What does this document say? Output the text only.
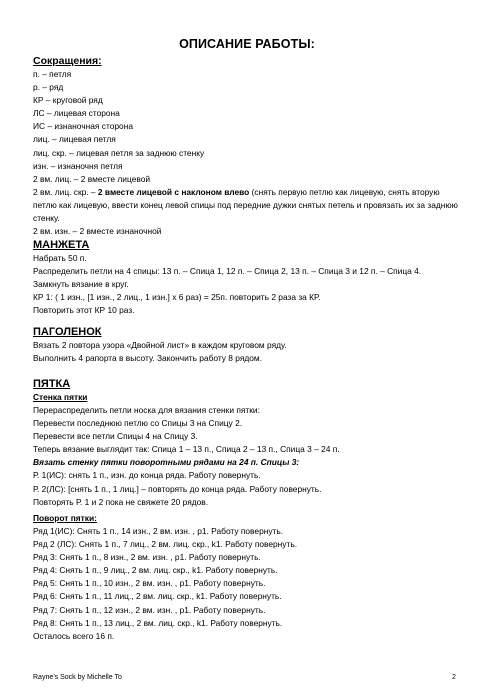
ОПИСАНИЕ РАБОТЫ:
Сокращения:
п. – петля
р. – ряд
КР – круговой ряд
ЛС – лицевая сторона
ИС – изнаночная сторона
лиц. – лицевая петля
лиц. скр. – лицевая петля за заднюю стенку
изн. – изнаночня петля
2 вм. лиц. – 2 вместе лицевой
2 вм. лиц. скр. – 2 вместе лицевой с наклоном влево (снять первую петлю как лицевую, снять вторую петлю как лицевую, ввести конец левой спицы под передние дужки снятых петель и провязать их за заднюю стенку.
2 вм. изн. – 2 вместе изнаночной
МАНЖЕТА
Набрать 50 п.
Распределить петли на 4 спицы: 13 п. – Спица 1, 12 п. – Спица 2, 13 п. – Спица 3 и 12 п. – Спица 4.
Замкнуть вязание в круг.
КР 1: ( 1 изн., [1 изн., 2 лиц., 1 изн.] х 6 раз) = 25п. повторить 2 раза за КР.
Повторить этот КР 10 раз.
ПАГОЛЕНОК
Вязать 2 повтора узора «Двойной лист» в каждом круговом ряду.
Выполнить 4 рапорта в высоту. Закончить работу 8 рядом.
ПЯТКА
Стенка пятки
Перераспределить петли носка для вязания стенки пятки:
Перевести последнюю петлю со Спицы 3 на Спицу 2.
Перевести все петли Спицы 4 на Спицу 3.
Теперь вязание выглядит так: Спица 1 – 13 п., Спица 2 – 13 п., Спица 3 – 24 п.
Вязать стенку пятки поворотными рядами на 24 п. Спицы 3:
Р. 1(ИС): снять 1 п., изн. до конца ряда. Работу повернуть.
Р. 2(ЛС): [снять 1 п., 1 лиц.] – повторять до конца ряда. Работу повернуть.
Повторять Р. 1 и 2 пока не свяжете 20 рядов.
Поворот пятки:
Ряд 1(ИС): Снять 1 п., 14 изн., 2 вм. изн. , р1. Работу повернуть.
Ряд 2 (ЛС): Снять 1 п., 7 лиц., 2 вм. лиц. скр., k1. Работу повернуть.
Ряд 3: Снять 1 п., 8 изн., 2 вм. изн. , р1. Работу повернуть.
Ряд 4: Снять 1 п., 9 лиц., 2 вм. лиц. скр., k1. Работу повернуть.
Ряд 5: Снять 1 п., 10 изн., 2 вм. изн. , р1. Работу повернуть.
Ряд 6: Снять 1 п., 11 лиц., 2 вм. лиц. скр., k1. Работу повернуть.
Ряд 7: Снять 1 п., 12 изн., 2 вм. изн. , р1. Работу повернуть.
Ряд 8: Снять 1 п., 13 лиц., 2 вм. лиц. скр., k1. Работу повернуть.
Осталось всего 16 п.
Rayne’s Sock by Michelle To	2
